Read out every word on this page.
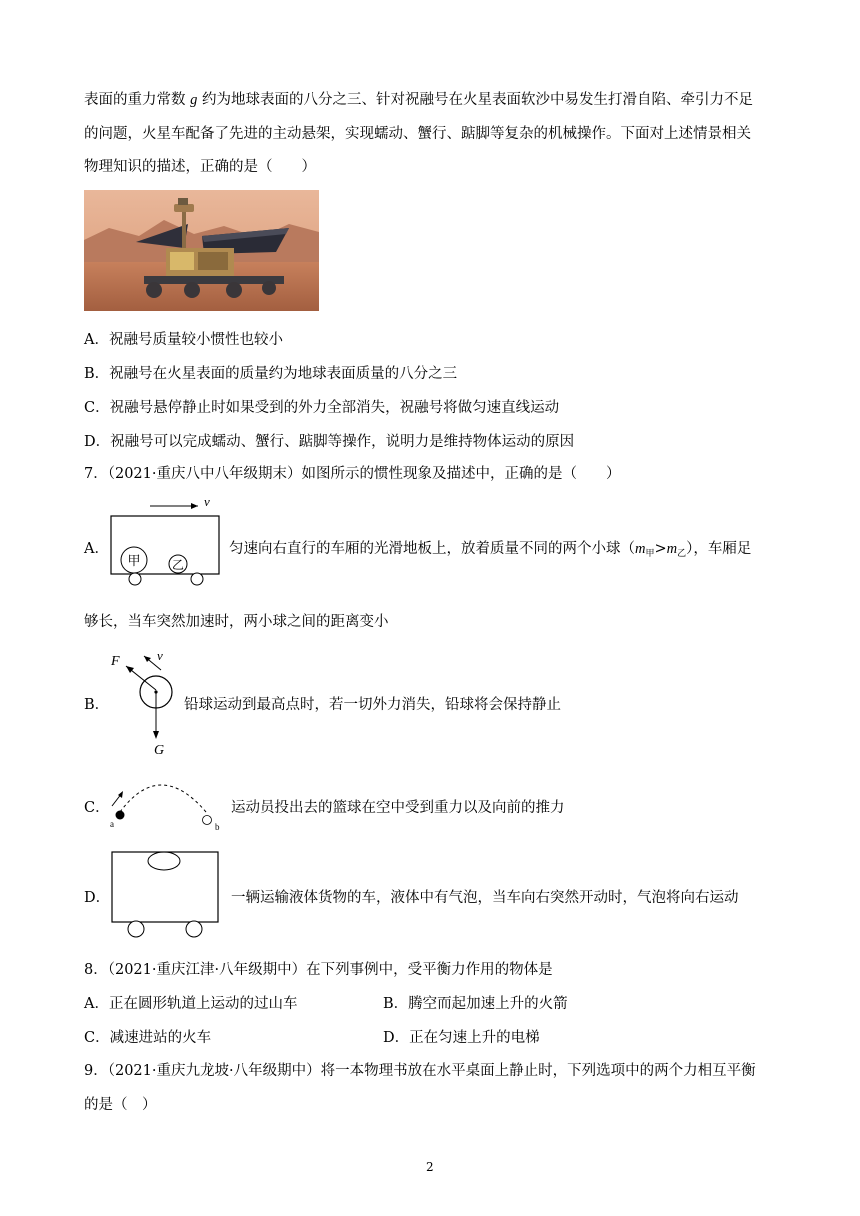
表面的重力常数 g 约为地球表面的八分之三、针对祝融号在火星表面软沙中易发生打滑自陷、牵引力不足
的问题，火星车配备了先进的主动悬架，实现蠕动、蟹行、踮脚等复杂的机械操作。下面对上述情景相关
物理知识的描述，正确的是（　　）
A．祝融号质量较小惯性也较小
B．祝融号在火星表面的质量约为地球表面质量的八分之三
C．祝融号悬停静止时如果受到的外力全部消失，祝融号将做匀速直线运动
D．祝融号可以完成蠕动、蟹行、踮脚等操作，说明力是维持物体运动的原因
7．（2021·重庆八中八年级期末）如图所示的惯性现象及描述中，正确的是（　　）
A．
v
甲	乙
匀速向右直行的车厢的光滑地板上，放着质量不同的两个小球$(m_甲>m_乙)$，车厢足
够长，当车突然加速时，两小球之间的距离变小
B．
F	v
G
铅球运动到最高点时，若一切外力消失，铅球将会保持静止
C．
a	b
运动员投出去的篮球在空中受到重力以及向前的推力
D．	一辆运输液体货物的车，液体中有气泡，当车向右突然开动时，气泡将向右运动
8．（2021·重庆江津·八年级期中）在下列事例中，受平衡力作用的物体是
A．正在圆形轨道上运动的过山车	B．腾空而起加速上升的火箭
C．减速进站的火车	D．正在匀速上升的电梯
9．（2021·重庆九龙坡·八年级期中）将一本物理书放在水平桌面上静止时，下列选项中的两个力相互平衡
的是（　）
2
